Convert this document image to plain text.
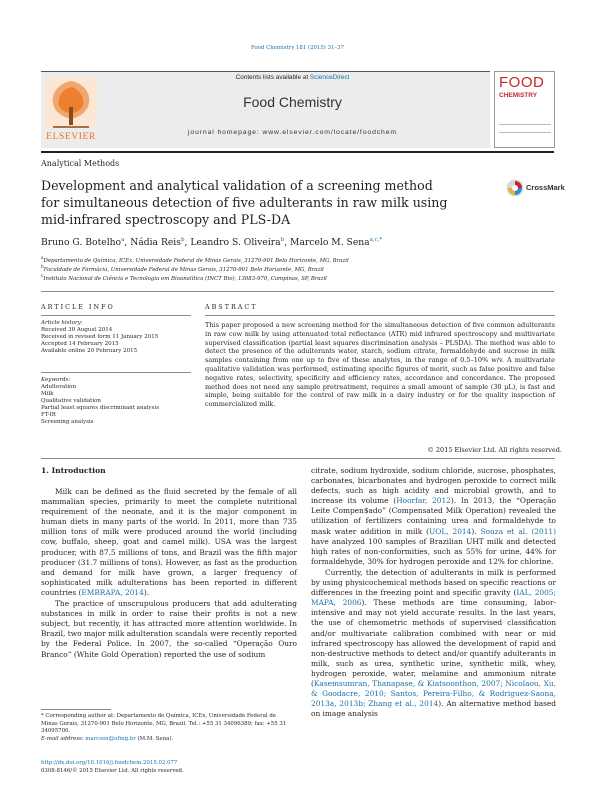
Food Chemistry 181 (2015) 31–37
ELSEVIER
Contents lists available at ScienceDirect
Food Chemistry
journal homepage: www.elsevier.com/locate/foodchem
FOOD
CHEMISTRY
Analytical Methods
Development and analytical validation of a screening method
for simultaneous detection of five adulterants in raw milk using
mid-infrared spectroscopy and PLS-DA
CrossMark
Bruno G. Botelho$^a$, Nádia Reis$^b$, Leandro S. Oliveira$^b$, Marcelo M. Sena$^{a,c,*}$
$^a$Departamento de Química, ICEx, Universidade Federal de Minas Gerais, 31270-901 Belo Horizonte, MG, Brazil
$^b$Faculdade de Farmácia, Universidade Federal de Minas Gerais, 31270-901 Belo Horizonte, MG, Brazil
$^c$Instituto Nacional de Ciência e Tecnologia em Bioanalítica (INCT Bio), 13083-970, Campinas, SP, Brazil
ARTICLE INFO
Article history:
Received 30 August 2014
Received in revised form 11 January 2015
Accepted 14 February 2015
Available online 20 February 2015
Keywords:
Adulteration
Milk
Qualitative validation
Partial least squares discriminant analysis
FT-IR
Screening analysis
ABSTRACT
This paper proposed a new screening method for the simultaneous detection of five common adulterants in raw cow milk by using attenuated total reflectance (ATR) mid infrared spectroscopy and multivariate supervised classification (partial least squares discrimination analysis – PLSDA). The method was able to detect the presence of the adulterants water, starch, sodium citrate, formaldehyde and sucrose in milk samples containing from one up to five of these analytes, in the range of 0.5–10% w/v. A multivariate qualitative validation was performed, estimating specific figures of merit, such as false positive and false negative rates, selectivity, specificity and efficiency rates, accordance and concordance. The proposed method does not need any sample pretreatment, requires a small amount of sample (30 μL), is fast and simple, being suitable for the control of raw milk in a dairy industry or for the quality inspection of commercialized milk.
© 2015 Elsevier Ltd. All rights reserved.
1. Introduction

Milk can be defined as the fluid secreted by the female of all mammalian species, primarily to meet the complete nutritional requirement of the neonate, and it is the major component in human diets in many parts of the world. In 2011, more than 735 million tons of milk were produced around the world (including cow, buffalo, sheep, goat and camel milk). USA was the largest producer, with 87.5 millions of tons, and Brazil was the fifth major producer (31.7 millions of tons). However, as fast as the production and demand for milk have grown, a larger frequency of sophisticated milk adulterations has been reported in different countries (EMBRAPA, 2014).

The practice of unscrupulous producers that add adulterating substances in milk in order to raise their profits is not a new subject, but recently, it has attracted more attention worldwide. In Brazil, two major milk adulteration scandals were recently reported by the Federal Police. In 2007, the so-called “Operação Ouro Branco” (White Gold Operation) reported the use of sodium

citrate, sodium hydroxide, sodium chloride, sucrose, phosphates, carbonates, bicarbonates and hydrogen peroxide to correct milk defects, such as high acidity and microbial growth, and to increase its volume (Hoorfar, 2012). In 2013, the “Operação Leite Compen$ado” (Compensated Milk Operation) revealed the utilization of fertilizers containing urea and formaldehyde to mask water addition in milk (UOL, 2014). Souza et al. (2011) have analyzed 100 samples of Brazilian UHT milk and detected high rates of non-conformities, such as 55% for urine, 44% for formaldehyde, 30% for hydrogen peroxide and 12% for chlorine.

Currently, the detection of adulterants in milk is performed by using physicochemical methods based on specific reactions or differences in the freezing point and specific gravity (IAL, 2005; MAPA, 2006). These methods are time consuming, labor-intensive and may not yield accurate results. In the last years, the use of chemometric methods of supervised classification and/or multivariate calibration combined with near or mid infrared spectroscopy has allowed the development of rapid and non-destructive methods to detect and/or quantify adulterants in milk, such as urea, synthetic urine, synthetic milk, whey, hydrogen peroxide, water, melamine and ammonium nitrate (Kasemsumran, Thanapase, & Kiatsoonthon, 2007; Nicolaou, Xu, & Goodacre, 2010; Santos, Pereira-Filho, & Rodriguez-Saona, 2013a, 2013b; Zhang et al., 2014). An alternative method based on image analysis

* Corresponding author at: Departamento de Química, ICEx, Universidade Federal de Minas Gerais, 31270-901 Belo Horizonte, MG, Brazil. Tel.: +55 31 34096389; fax: +55 31 34095700.
E-mail address: marcsen@ufmg.br (M.M. Sena).
http://dx.doi.org/10.1016/j.foodchem.2015.02.077
0308-8146/© 2015 Elsevier Ltd. All rights reserved.
